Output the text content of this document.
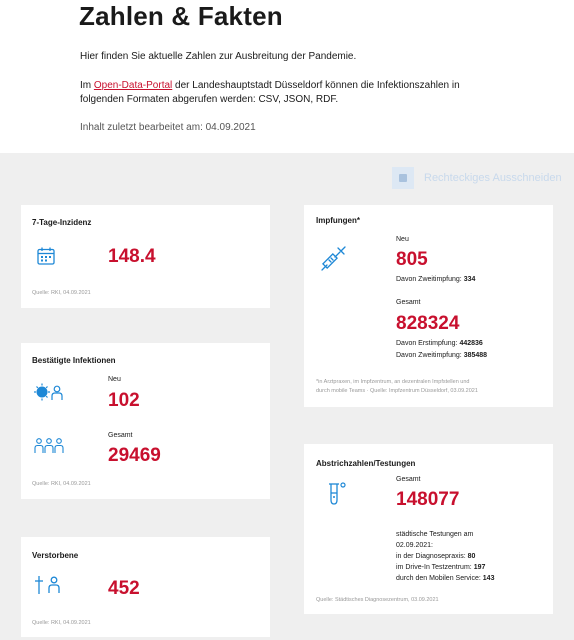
Zahlen & Fakten
Hier finden Sie aktuelle Zahlen zur Ausbreitung der Pandemie.
Im Open-Data-Portal der Landeshauptstadt Düsseldorf können die Infektionszahlen in folgenden Formaten abgerufen werden: CSV, JSON, RDF.
Inhalt zuletzt bearbeitet am: 04.09.2021
Rechteckiges Ausschneiden
7-Tage-Inzidenz
148.4
Quelle: RKI, 04.09.2021
Bestätigte Infektionen
Neu
102
Gesamt
29469
Quelle: RKI, 04.09.2021
Verstorbene
452
Quelle: RKI, 04.09.2021
Impfungen*
Neu
805
Davon Zweitimpfung: 334
Gesamt
828324
Davon Erstimpfung: 442836
Davon Zweitimpfung: 385488
*in Arztpraxen, im Impfzentrum, an dezentralen Impfstellen und
durch mobile Teams · Quelle: Impfzentrum Düsseldorf, 03.09.2021
Abstrichzahlen/Testungen
Gesamt
148077
städtische Testungen am
02.09.2021:
in der Diagnosepraxis: 80
im Drive-In Testzentrum: 197
durch den Mobilen Service: 143
Quelle: Städtisches Diagnosezentrum, 03.09.2021
